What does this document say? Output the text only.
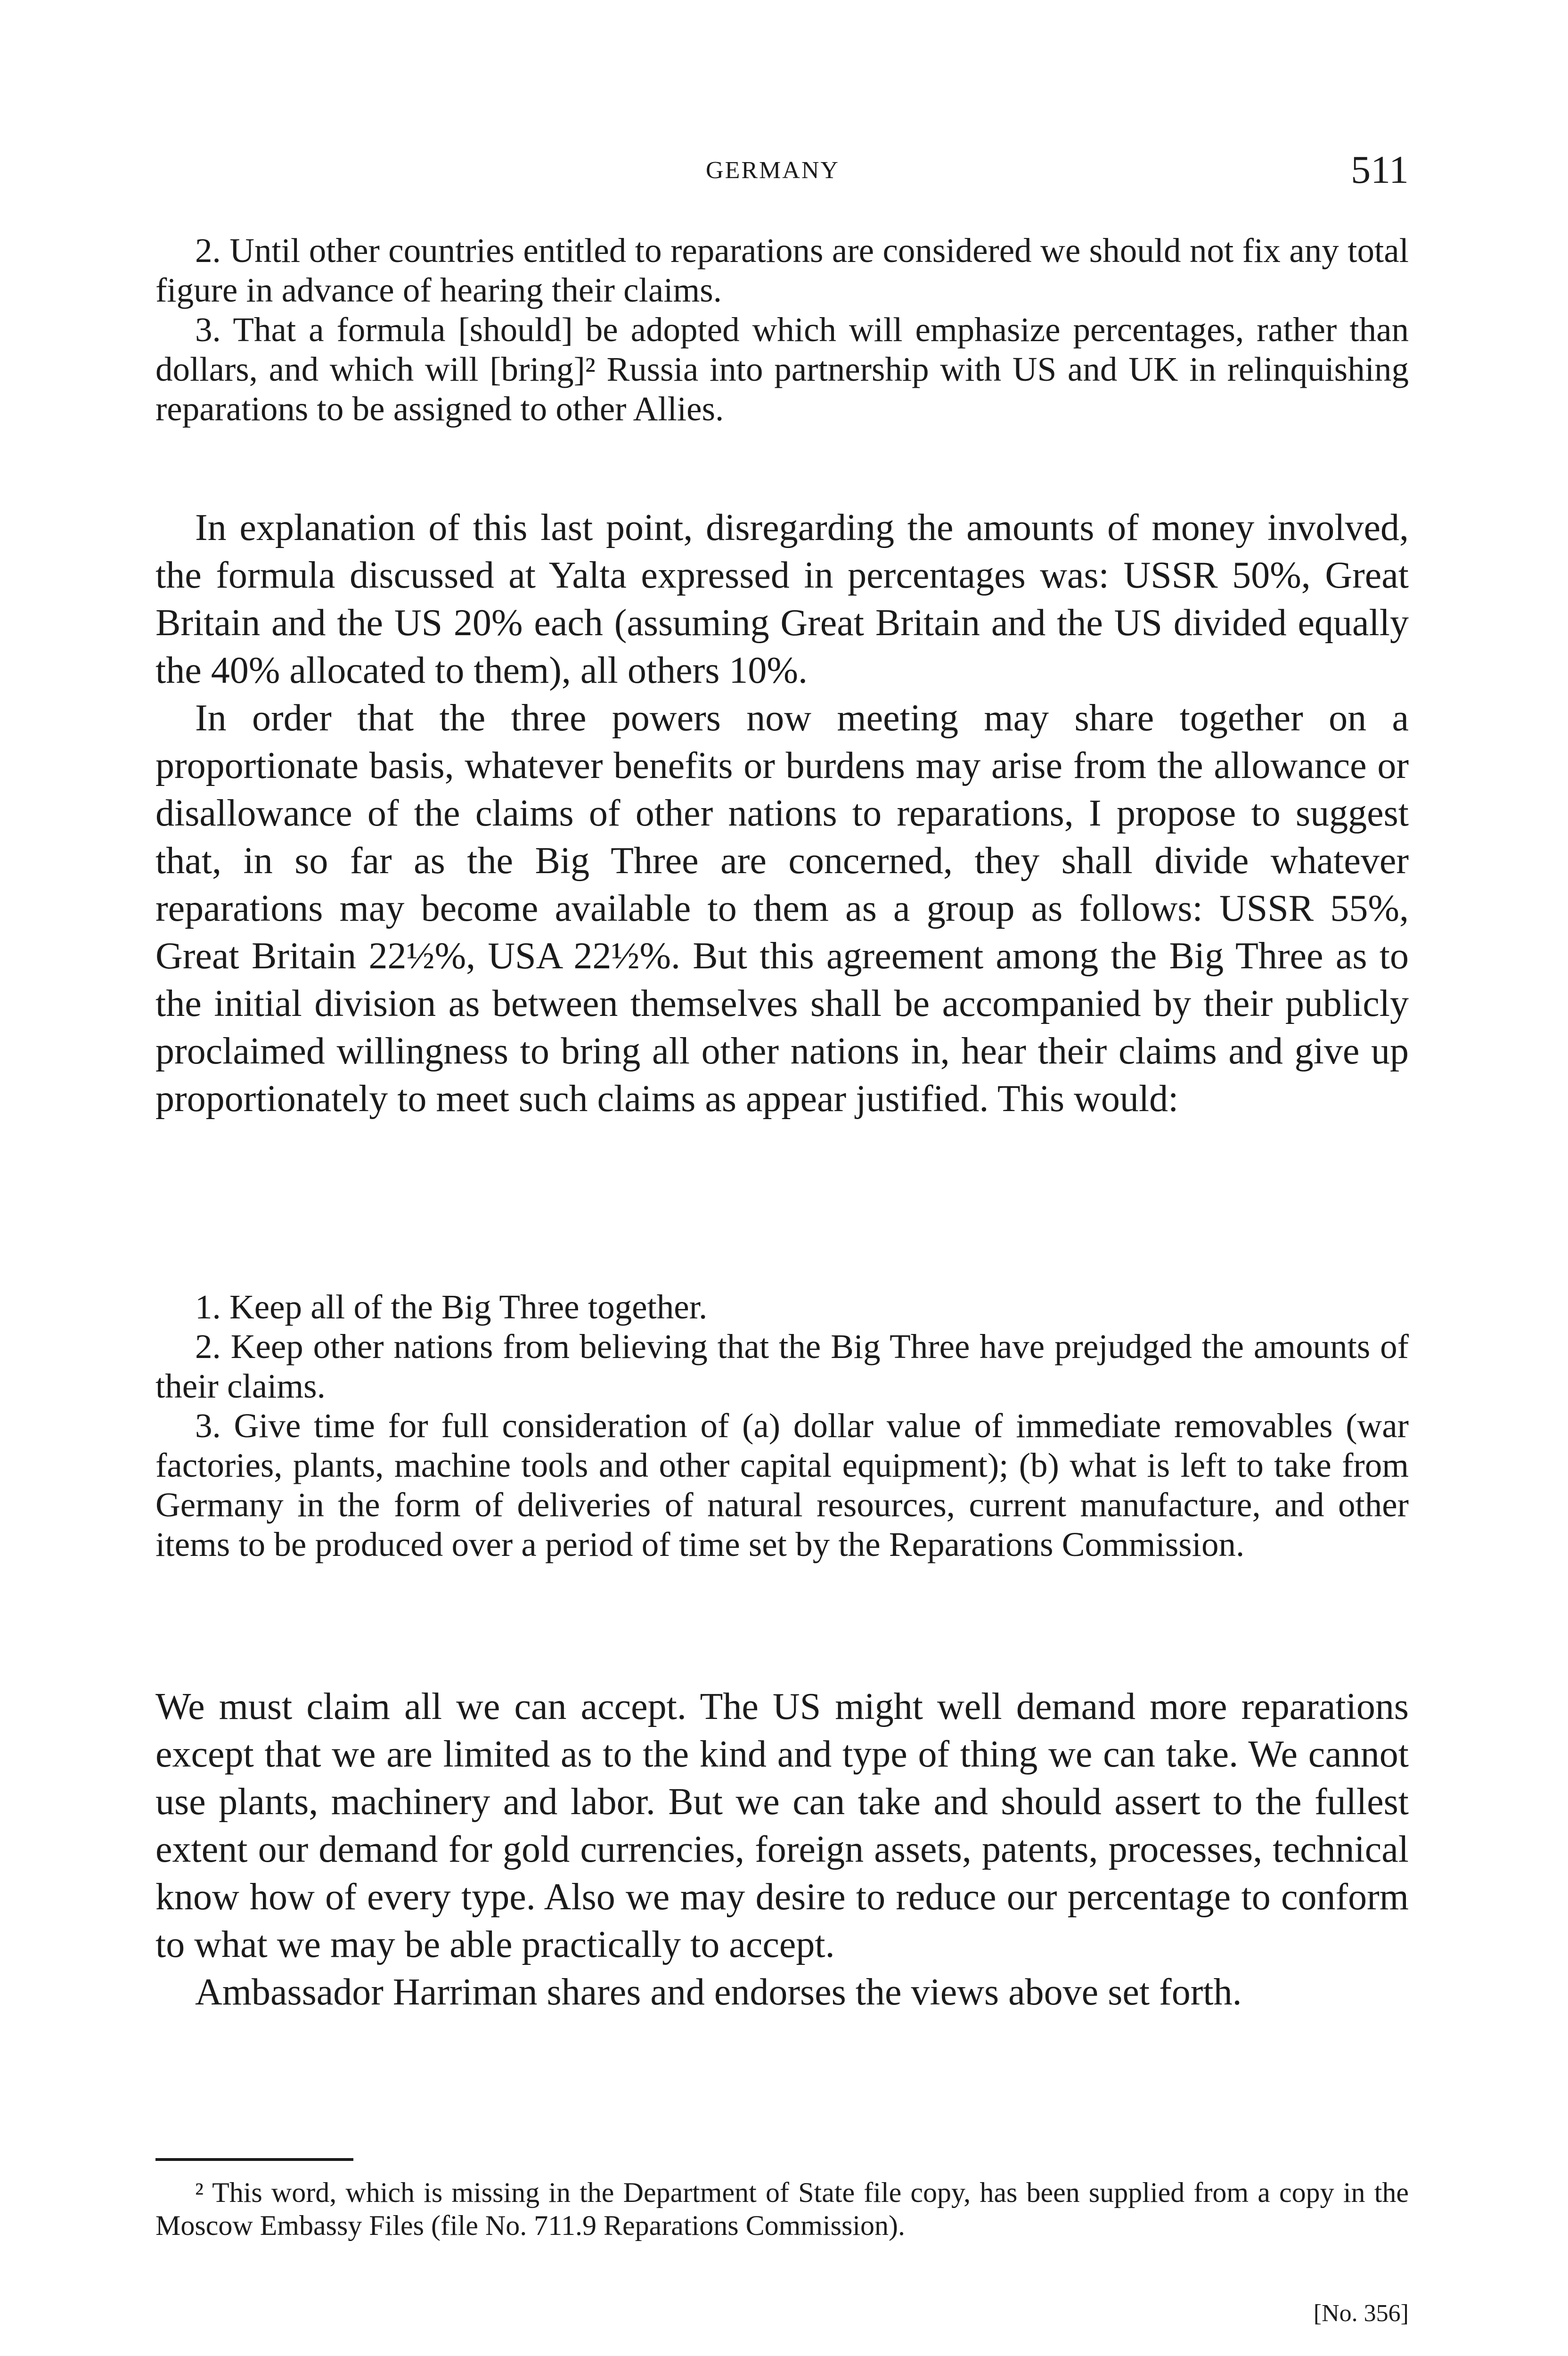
GERMANY	511
2. Until other countries entitled to reparations are considered we should not fix any total figure in advance of hearing their claims.
3. That a formula [should] be adopted which will emphasize percentages, rather than dollars, and which will [bring]² Russia into partnership with US and UK in relinquishing reparations to be assigned to other Allies.

In explanation of this last point, disregarding the amounts of money involved, the formula discussed at Yalta expressed in percentages was: USSR 50%, Great Britain and the US 20% each (assuming Great Britain and the US divided equally the 40% allocated to them), all others 10%.

In order that the three powers now meeting may share together on a proportionate basis, whatever benefits or burdens may arise from the allowance or disallowance of the claims of other nations to reparations, I propose to suggest that, in so far as the Big Three are concerned, they shall divide whatever reparations may become available to them as a group as follows: USSR 55%, Great Britain 22½%, USA 22½%. But this agreement among the Big Three as to the initial division as between themselves shall be accompanied by their publicly proclaimed willingness to bring all other nations in, hear their claims and give up proportionately to meet such claims as appear justified. This would:

1. Keep all of the Big Three together.
2. Keep other nations from believing that the Big Three have prejudged the amounts of their claims.
3. Give time for full consideration of (a) dollar value of immediate removables (war factories, plants, machine tools and other capital equipment); (b) what is left to take from Germany in the form of deliveries of natural resources, current manufacture, and other items to be produced over a period of time set by the Reparations Commission.

We must claim all we can accept. The US might well demand more reparations except that we are limited as to the kind and type of thing we can take. We cannot use plants, machinery and labor. But we can take and should assert to the fullest extent our demand for gold currencies, foreign assets, patents, processes, technical know how of every type. Also we may desire to reduce our percentage to conform to what we may be able practically to accept.

Ambassador Harriman shares and endorses the views above set forth.

² This word, which is missing in the Department of State file copy, has been supplied from a copy in the Moscow Embassy Files (file No. 711.9 Reparations Commission).

[No. 356]
